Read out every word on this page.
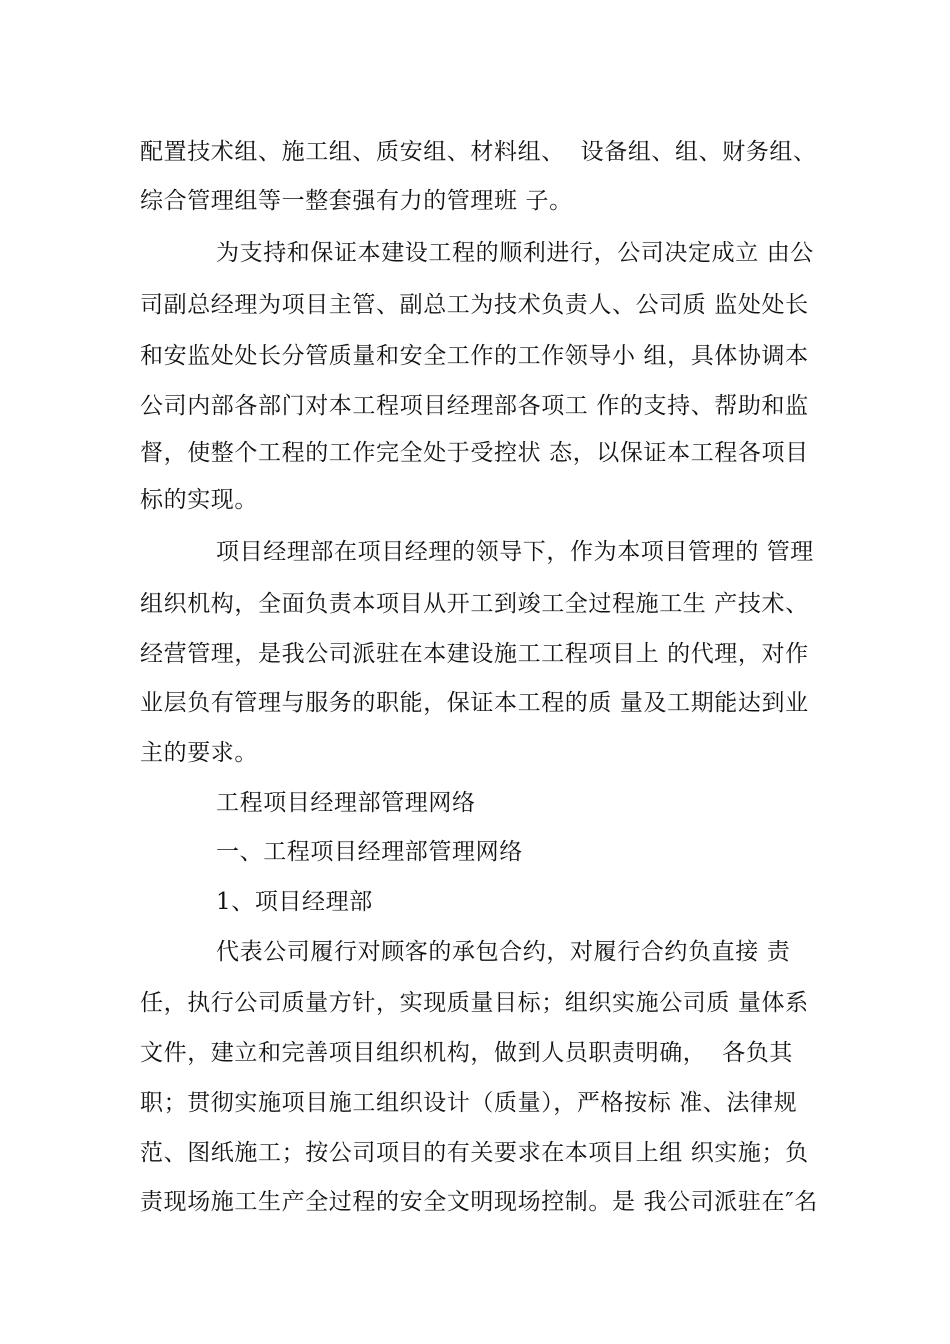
配置技术组、施工组、质安组、材料组、  设备组、组、财务组、
综合管理组等一整套强有力的管理班 子。
为支持和保证本建设工程的顺利进行，公司决定成立 由公
司副总经理为项目主管、副总工为技术负责人、公司质 监处处长
和安监处处长分管质量和安全工作的工作领导小 组，具体协调本
公司内部各部门对本工程项目经理部各项工 作的支持、帮助和监
督，使整个工程的工作完全处于受控状 态，以保证本工程各项目
标的实现。
项目经理部在项目经理的领导下，作为本项目管理的 管理
组织机构，全面负责本项目从开工到竣工全过程施工生 产技术、
经营管理，是我公司派驻在本建设施工工程项目上 的代理，对作
业层负有管理与服务的职能，保证本工程的质 量及工期能达到业
主的要求。
工程项目经理部管理网络
一、工程项目经理部管理网络
1、项目经理部
代表公司履行对顾客的承包合约，对履行合约负直接 责
任，执行公司质量方针，实现质量目标；组织实施公司质 量体系
文件，建立和完善项目组织机构，做到人员职责明确，  各负其
职；贯彻实施项目施工组织设计（质量），严格按标 准、法律规
范、图纸施工；按公司项目的有关要求在本项目上组 织实施；负
责现场施工生产全过程的安全文明现场控制。是 我公司派驻在″名
